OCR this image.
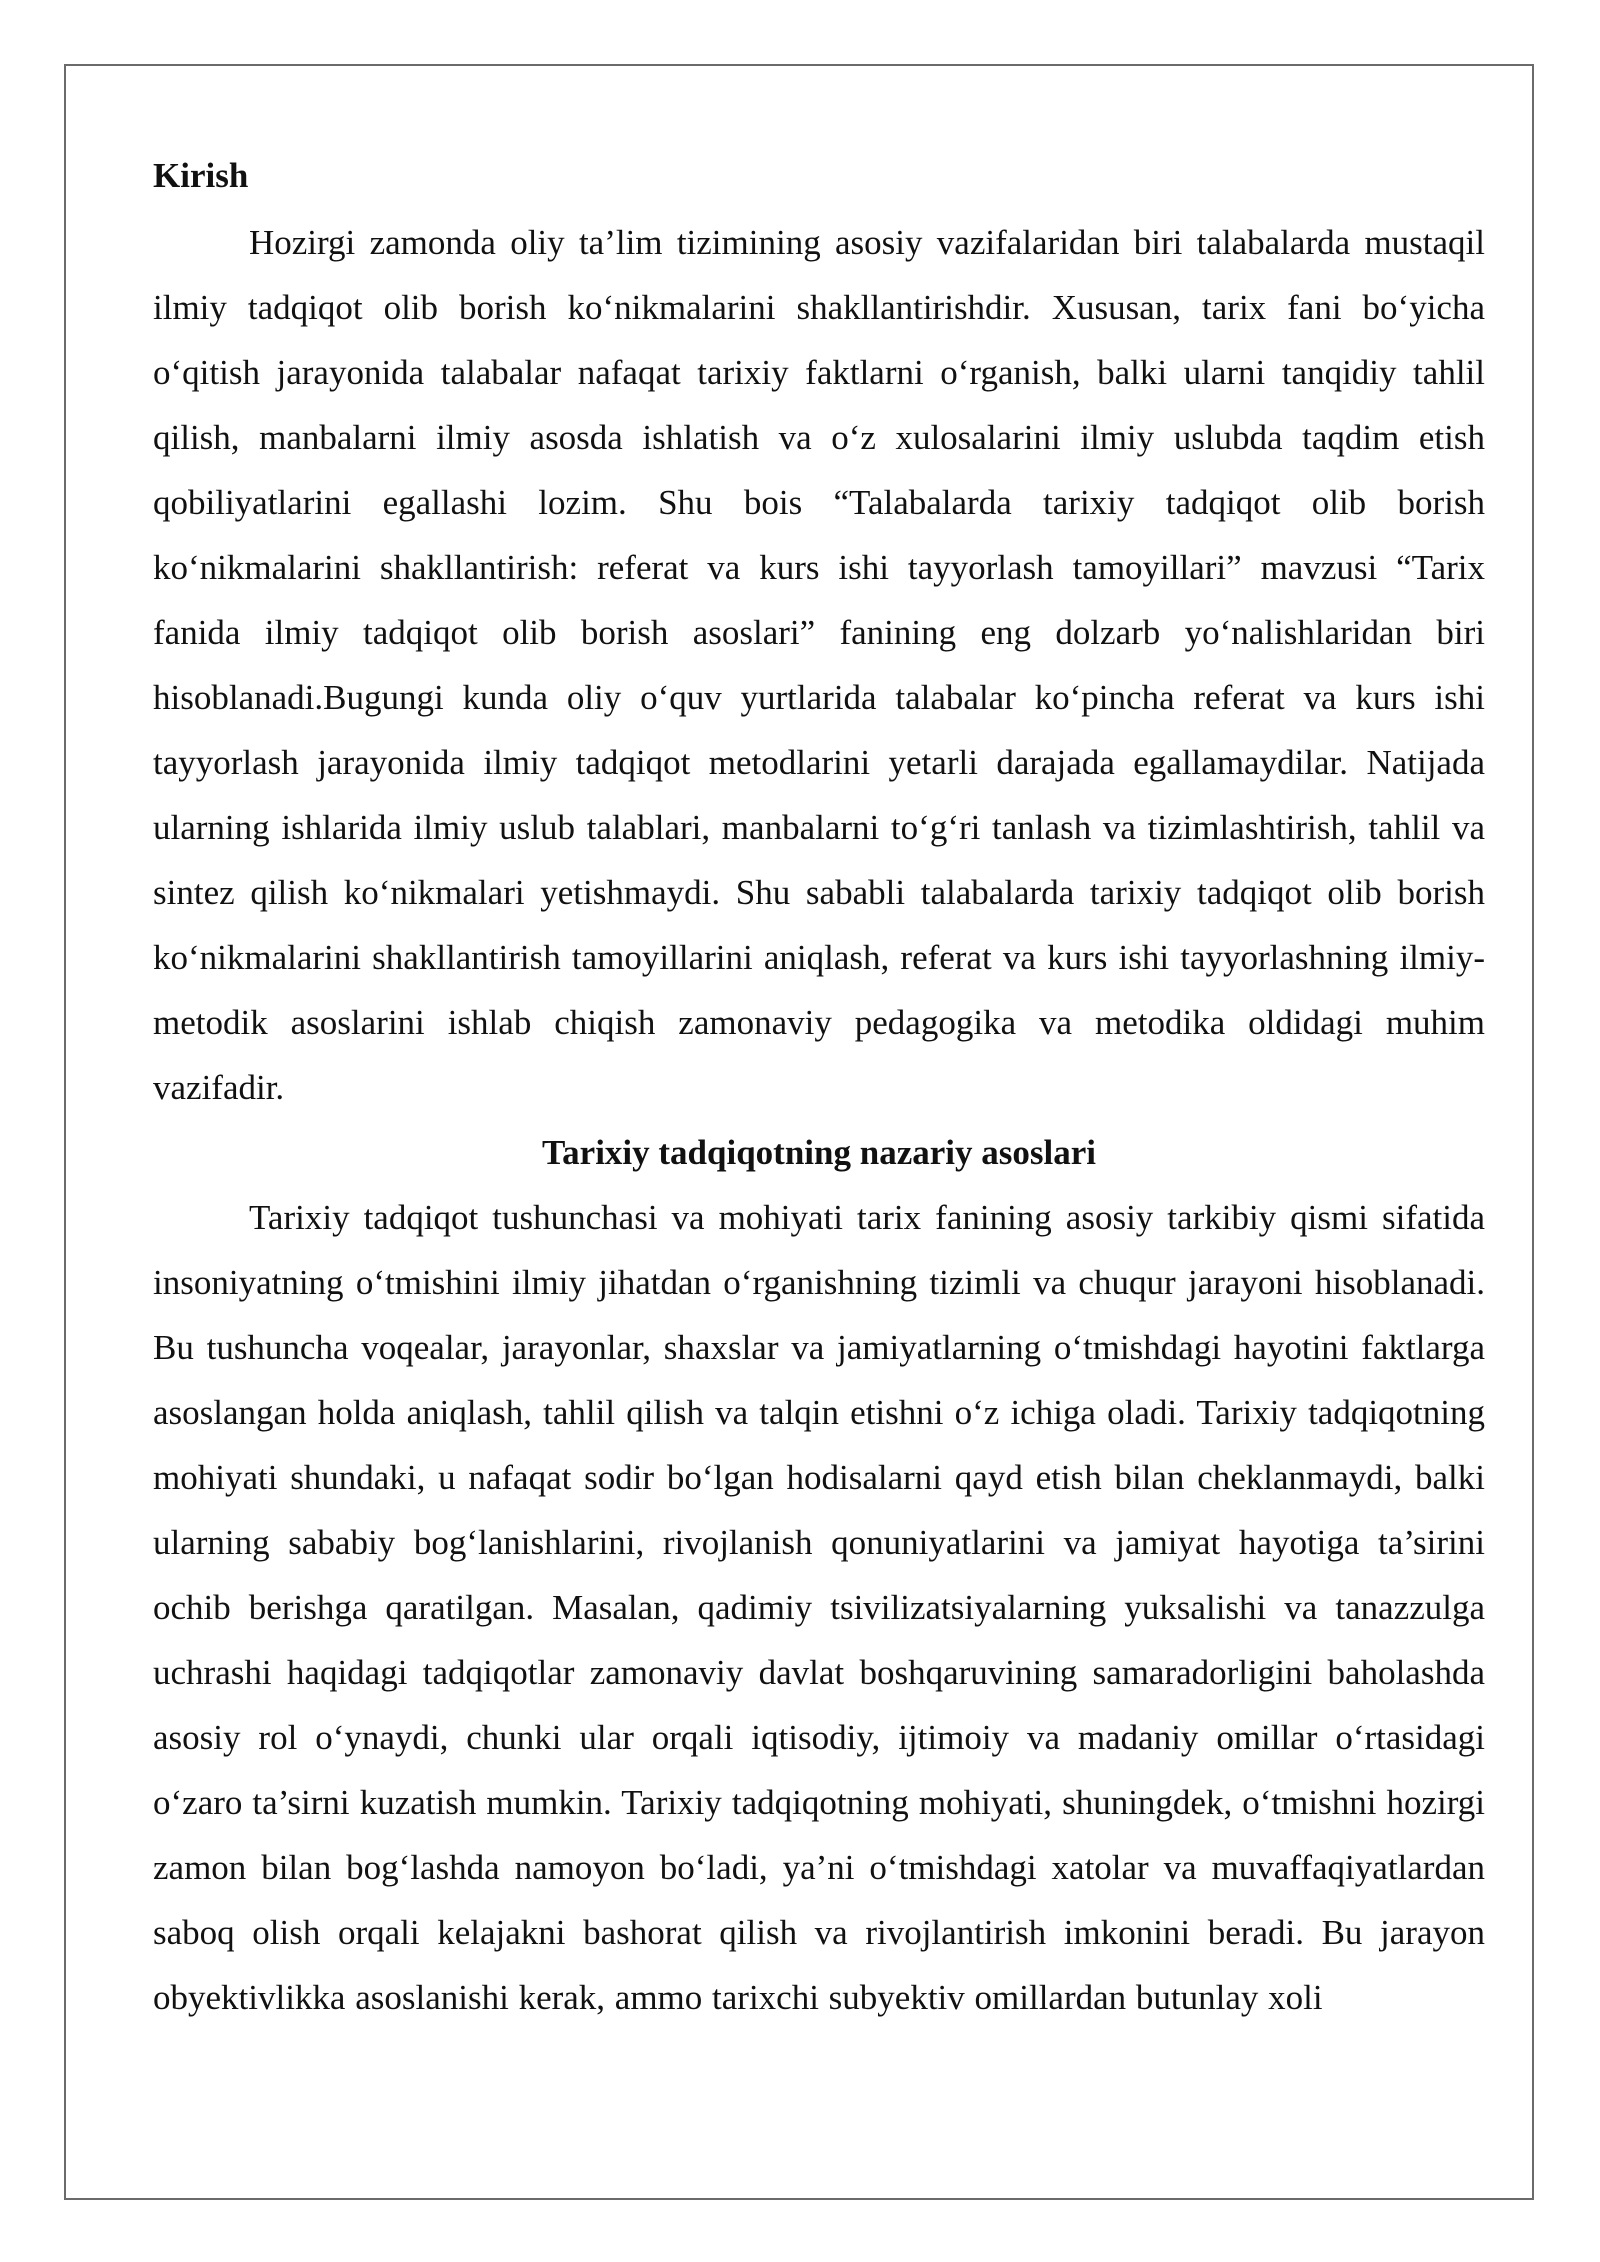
Kirish

Hozirgi zamonda oliy ta’lim tizimining asosiy vazifalaridan biri talabalarda mustaqil ilmiy tadqiqot olib borish ko‘nikmalarini shakllantirishdir. Xususan, tarix fani bo‘yicha o‘qitish jarayonida talabalar nafaqat tarixiy faktlarni o‘rganish, balki ularni tanqidiy tahlil qilish, manbalarni ilmiy asosda ishlatish va o‘z xulosalarini ilmiy uslubda taqdim etish qobiliyatlarini egallashi lozim. Shu bois “Talabalarda tarixiy tadqiqot olib borish ko‘nikmalarini shakllantirish: referat va kurs ishi tayyorlash tamoyillari” mavzusi “Tarix fanida ilmiy tadqiqot olib borish asoslari” fanining eng dolzarb yo‘nalishlaridan biri hisoblanadi.Bugungi kunda oliy o‘quv yurtlarida talabalar ko‘pincha referat va kurs ishi tayyorlash jarayonida ilmiy tadqiqot metodlarini yetarli darajada egallamaydilar. Natijada ularning ishlarida ilmiy uslub talablari, manbalarni to‘g‘ri tanlash va tizimlashtirish, tahlil va sintez qilish ko‘nikmalari yetishmaydi. Shu sababli talabalarda tarixiy tadqiqot olib borish ko‘nikmalarini shakllantirish tamoyillarini aniqlash, referat va kurs ishi tayyorlashning ilmiy-metodik asoslarini ishlab chiqish zamonaviy pedagogika va metodika oldidagi muhim vazifadir.

Tarixiy tadqiqotning nazariy asoslari

Tarixiy tadqiqot tushunchasi va mohiyati tarix fanining asosiy tarkibiy qismi sifatida insoniyatning o‘tmishini ilmiy jihatdan o‘rganishning tizimli va chuqur jarayoni hisoblanadi. Bu tushuncha voqealar, jarayonlar, shaxslar va jamiyatlarning o‘tmishdagi hayotini faktlarga asoslangan holda aniqlash, tahlil qilish va talqin etishni o‘z ichiga oladi. Tarixiy tadqiqotning mohiyati shundaki, u nafaqat sodir bo‘lgan hodisalarni qayd etish bilan cheklanmaydi, balki ularning sababiy bog‘lanishlarini, rivojlanish qonuniyatlarini va jamiyat hayotiga ta’sirini ochib berishga qaratilgan. Masalan, qadimiy tsivilizatsiyalarning yuksalishi va tanazzulga uchrashi haqidagi tadqiqotlar zamonaviy davlat boshqaruvining samaradorligini baholashda asosiy rol o‘ynaydi, chunki ular orqali iqtisodiy, ijtimoiy va madaniy omillar o‘rtasidagi o‘zaro ta’sirni kuzatish mumkin. Tarixiy tadqiqotning mohiyati, shuningdek, o‘tmishni hozirgi zamon bilan bog‘lashda namoyon bo‘ladi, ya’ni o‘tmishdagi xatolar va muvaffaqiyatlardan saboq olish orqali kelajakni bashorat qilish va rivojlantirish imkonini beradi. Bu jarayon obyektivlikka asoslanishi kerak, ammo tarixchi subyektiv omillardan butunlay xoli
